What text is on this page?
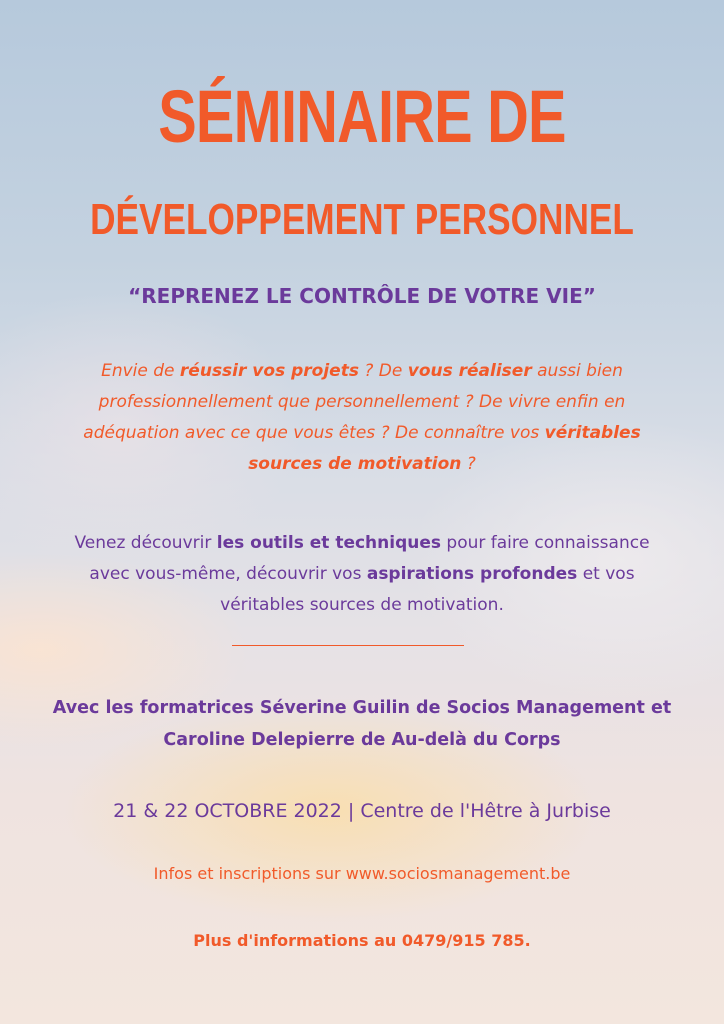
SÉMINAIRE DE
DÉVELOPPEMENT PERSONNEL
“REPRENEZ LE CONTRÔLE DE VOTRE VIE”
Envie de réussir vos projets ? De vous réaliser aussi bien professionnellement que personnellement ? De vivre enfin en adéquation avec ce que vous êtes ? De connaître vos véritables sources de motivation ?
Venez découvrir les outils et techniques pour faire connaissance avec vous-même, découvrir vos aspirations profondes et vos véritables sources de motivation.
Avec les formatrices Séverine Guilin de Socios Management et Caroline Delepierre de Au-delà du Corps
21 & 22 OCTOBRE 2022 | Centre de l'Hêtre à Jurbise
Infos et inscriptions sur www.sociosmanagement.be
Plus d'informations au 0479/915 785.
